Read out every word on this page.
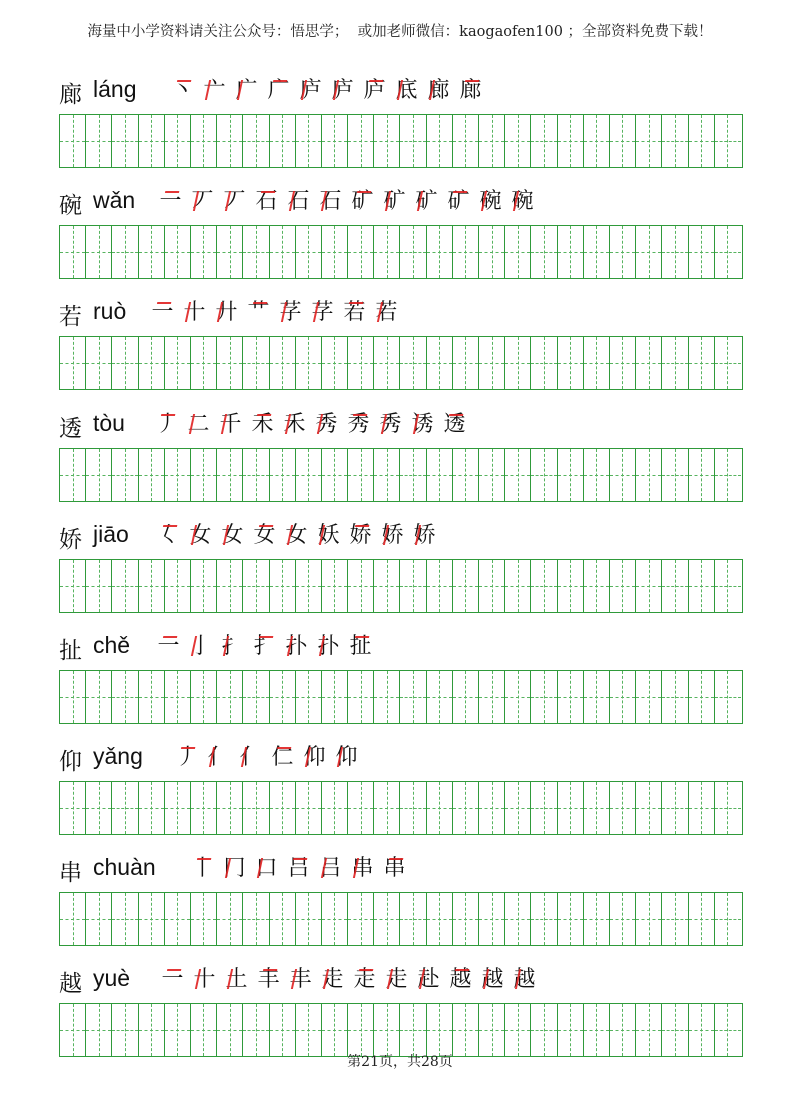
海量中小学资料请关注公众号：悟思学；  或加老师微信：kaogaofen100 ；全部资料免费下载！
廊 láng 丶 亠 广 广 庐 庐 庐 底 廊 廊
碗 wǎn 一 丆 丆 石 石 石 矿 矿 矿 矿 碗 碗
若 ruò 一 十 廾 艹 芓 芓 若 若
透 tòu 丿 二 千 禾 禾 秀 秀 秀 诱 透
娇 jiāo 𡿨 女 女 女 女 妖 娇 娇 娇
扯 chě 一 亅 扌 扌 扑 扑 扯
仰 yǎng 丿 亻 亻 仁 仰 仰
串 chuàn 丨 冂 口 吕 吕 串 串
越 yuè 一 十 土 丰 丰 走 走 走 赴 越 越 越
第21页，共28页
